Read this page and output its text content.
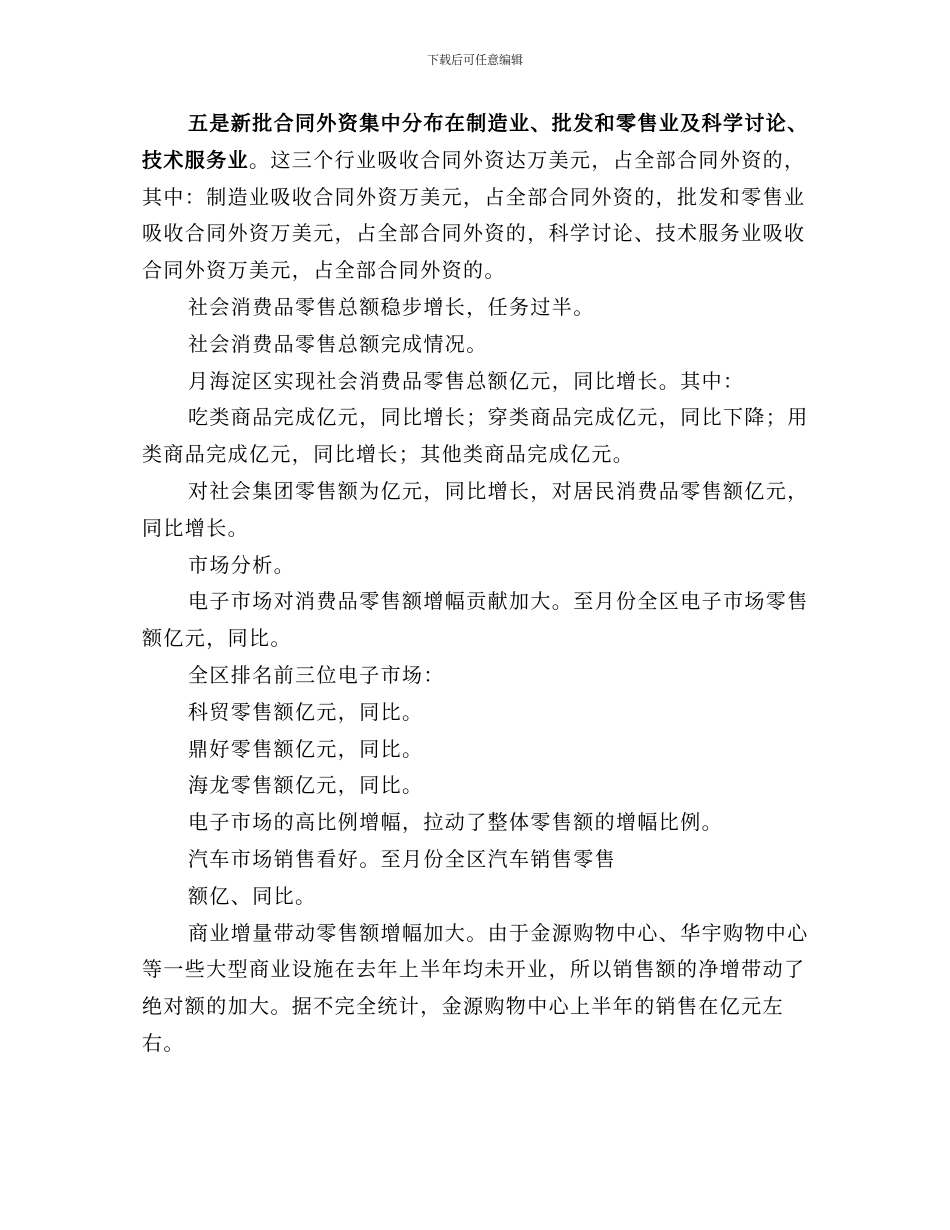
下载后可任意编辑

五是新批合同外资集中分布在制造业、批发和零售业及科学讨论、技术服务业。这三个行业吸收合同外资达万美元，占全部合同外资的，其中：制造业吸收合同外资万美元，占全部合同外资的，批发和零售业吸收合同外资万美元，占全部合同外资的，科学讨论、技术服务业吸收合同外资万美元，占全部合同外资的。

社会消费品零售总额稳步增长，任务过半。

社会消费品零售总额完成情况。

月海淀区实现社会消费品零售总额亿元，同比增长。其中：

吃类商品完成亿元，同比增长；穿类商品完成亿元，同比下降；用类商品完成亿元，同比增长；其他类商品完成亿元。

对社会集团零售额为亿元，同比增长，对居民消费品零售额亿元，同比增长。

市场分析。

电子市场对消费品零售额增幅贡献加大。至月份全区电子市场零售额亿元，同比。

全区排名前三位电子市场：

科贸零售额亿元，同比。

鼎好零售额亿元，同比。

海龙零售额亿元，同比。

电子市场的高比例增幅，拉动了整体零售额的增幅比例。

汽车市场销售看好。至月份全区汽车销售零售

额亿、同比。

商业增量带动零售额增幅加大。由于金源购物中心、华宇购物中心等一些大型商业设施在去年上半年均未开业，所以销售额的净增带动了绝对额的加大。据不完全统计，金源购物中心上半年的销售在亿元左右。
